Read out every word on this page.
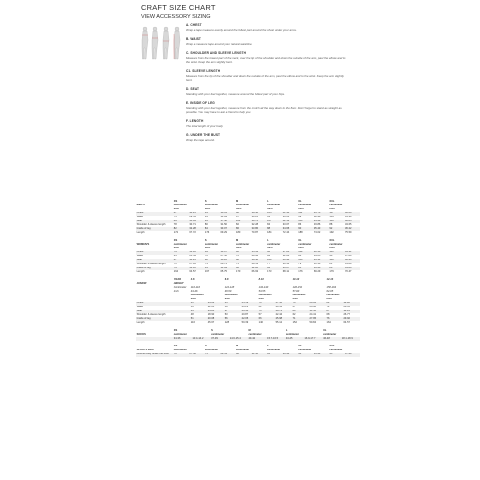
CRAFT SIZE CHART
VIEW ACCESSORY SIZING
A. CHEST

Wrap a tape measure evenly around the fullest part around the chest under your arms.

B. WAIST

Wrap a measure tape around your natural waistline.

C. SHOULDER AND SLEEVE LENGTH

Measure from the lowest part of the neck, over the tip of the shoulder and down the outside of the arm, past the elbow and to the wrist. Keep the arm slightly bent.

C1. SLEEVE LENGTH

Measure from the tip of the shoulder and down the outside of the arm, past the elbow and to the wrist. Keep the arm slightly bent.

D. SEAT

Standing with your feet together, measure around the fullest part of your hips.

E. INSIDE OF LEG

Standing with your feet together, measure from the crotch all the way down to the floor. Don't forget to stand as straight as possible. You may have to ask a friend to help you.

F. LENGTH

The total length of your body.

G. UNDER THE BUST

Wrap the tape around.

	XS		S		M		L		XL		XXL	
MEN'S	centimeter		centimeter		centimeter		centimeter		centimeter		centimeter	
	inch		inch		inch		inch		inch		inch	
Chest	87	34.25	93	36.61	98	38.58	105	41.34	111	43.70	117	46.06
Waist	75	29.53	81	31.89	87	34.25	93	36.61	99	38.98	105	41.34
Seat	89	35.04	95	37.40	101	39.76	107	42.13	113	44.49	119	46.85
Shoulder & sleeve length	78	30.71	80	31.50	82	32.28	84	33.07	86	33.86	88	34.65
Inside of leg	82	32.28	84	33.07	86	33.86	88	34.65	90	35.43	92	36.22
Length	172	67.72	176	69.29	180	70.87	184	72.44	188	74.02	192	75.59
	XS		S		M		L		XL		XXL	
WOMEN'S	centimeter		centimeter		centimeter		centimeter		centimeter		centimeter	
	inch		inch		inch		inch		inch		inch	
Chest	79	31.10	84	33.07	90	35.43	96	37.80	102	40.16	110	43.31
Waist	65	25.59	70	27.56	76	29.92	82	32.28	88	34.65	96	37.80
Seat	87	34.25	92	36.22	98	38.58	104	40.94	110	43.31	118	46.46
Shoulder & sleeve length	71	27.95	73	28.74	75	29.53	77	30.31	79	31.10	81	31.89
Inside of leg	79	31.10	81	31.89	82	32.28	84	33.07	85	33.46	86	33.86
Length	164	64.57	167	65.75	170	66.93	173	68.11	176	69.29	179	70.47
	YEAR	4-6		6-8		8-10		10-12		12-14	
JUNIOR	HEIGHT										
	Centimeter	110-116		122-128		134-140		146-152		158-164	
	Inch	43-46		48-50		53-55		57-60		62-65	
		centimeter		centimeter		centimeter		centimeter		centimeter	
		inch		inch		inch		inch		inch	
Chest		61	24.02	65	25.59	70	27.56	76	29.92	82	32.28
Waist		56	22.05	59	23.23	62	24.41	67	26.38	72	28.35
Seat		63	24.80	67	26.38	73	28.74	80	31.50	87	34.25
Shoulder & sleeve length		48	18.90	53	20.87	57	22.44	62	24.41	68	26.77
Inside of leg		51	20.08	56	22.05	66	25.98	71	27.95	76	29.92
Length		116	45.67	128	50.39	140	55.12	152	59.84	164	64.57
	XS		S		M		L		XL	
SOCKS	centimeter		centimeter		centimeter		centimeter		centimeter	
	34-36	13.4-14.2	37-39	14.6-15.4	40-42	15.7-16.5	43-45	16.9-17.7	46-48	18.1-18.9
	XS		S		M		L		XL		XXL	
SPORTS BRA	centimeter		centimeter		centimeter		centimeter		centimeter		centimeter	
Around body under the bust	70	27.56	75	29.53	80	31.50	85	33.46	90	35.43	95	37.40
